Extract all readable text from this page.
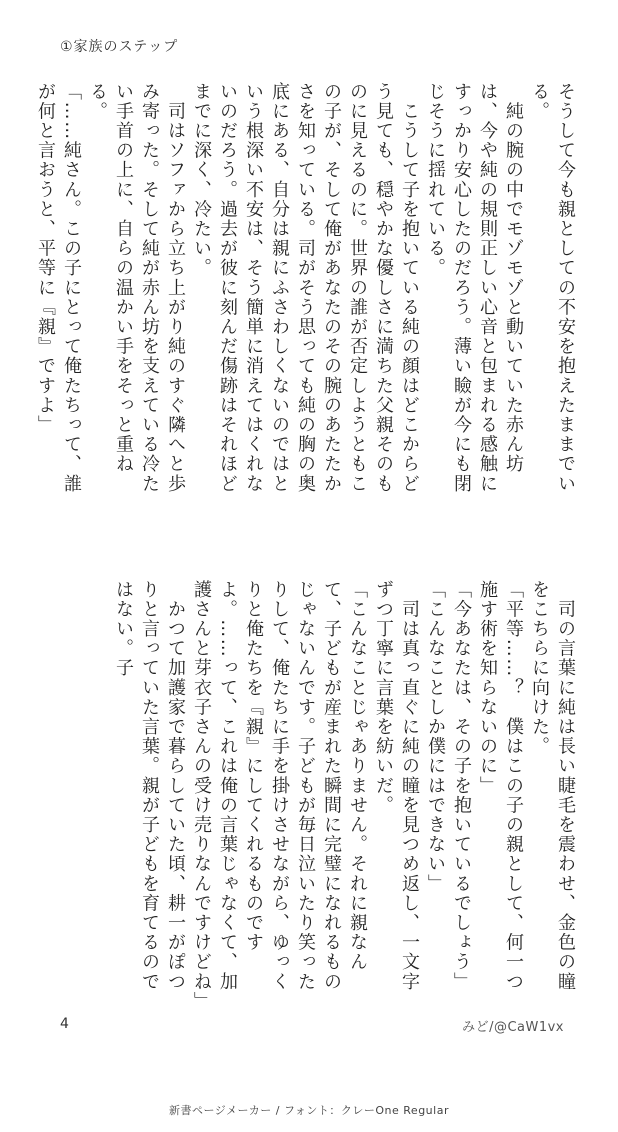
①家族のステップ

そうして今も親としての不安を抱えたままでいる。

　純の腕の中でモゾモゾと動いていた赤ん坊は、今や純の規則正しい心音と包まれる感触にすっかり安心したのだろう。薄い瞼が今にも閉じそうに揺れている。

　こうして子を抱いている純の顔はどこからどう見ても、穏やかな優しさに満ちた父親そのものに見えるのに。世界の誰が否定しようともこの子が、そして俺があなたのその腕のあたたかさを知っている。司がそう思っても純の胸の奥底にある、自分は親にふさわしくないのではという根深い不安は、そう簡単に消えてはくれないのだろう。過去が彼に刻んだ傷跡はそれほどまでに深く、冷たい。

　司はソファから立ち上がり純のすぐ隣へと歩み寄った。そして純が赤ん坊を支えている冷たい手首の上に、自らの温かい手をそっと重ねる。

「……純さん。この子にとって俺たちって、誰が何と言おうと、平等に『親』ですよ」

　司の言葉に純は長い睫毛を震わせ、金色の瞳をこちらに向けた。

「平等……？　僕はこの子の親として、何一つ施す術を知らないのに」

「今あなたは、その子を抱いているでしょう」

「こんなことしか僕にはできない」

　司は真っ直ぐに純の瞳を見つめ返し、一文字ずつ丁寧に言葉を紡いだ。

「こんなことじゃありません。それに親なんて、子どもが産まれた瞬間に完璧になれるものじゃないんです。子どもが毎日泣いたり笑ったりして、俺たちに手を掛けさせながら、ゆっくりと俺たちを『親』にしてくれるものですよ。……って、これは俺の言葉じゃなくて、加護さんと芽衣子さんの受け売りなんですけどね」

　かつて加護家で暮らしていた頃、耕一がぽつりと言っていた言葉。親が子どもを育てるのではない。子

4	みど/@CaW1vx
新書ページメーカー / フォント：クレーOne Regular
